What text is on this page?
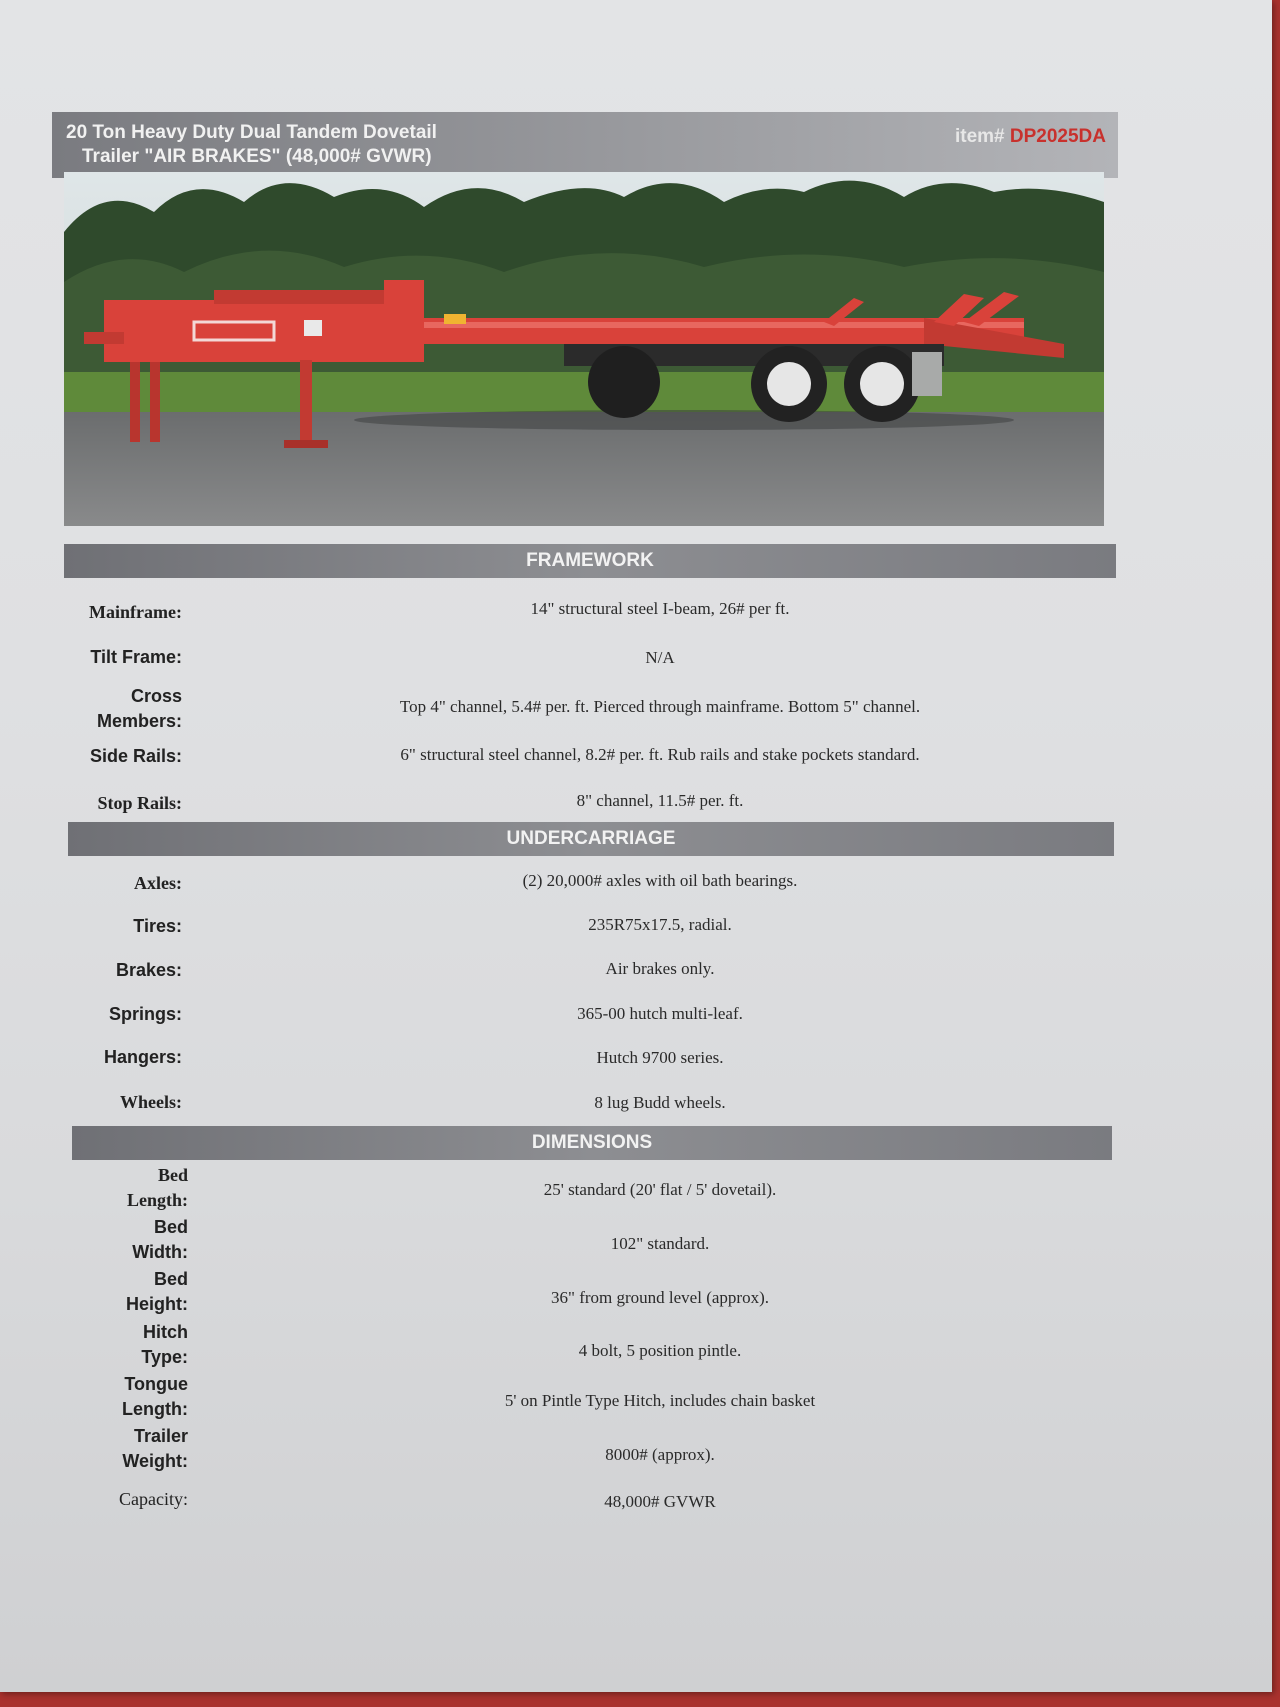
20 Ton Heavy Duty Dual Tandem Dovetail
Trailer "AIR BRAKES" (48,000# GVWR)
item# DP2025DA
FRAMEWORK
Mainframe:	14" structural steel I-beam, 26# per ft.
Tilt Frame:	N/A
Cross
Members:
Top 4" channel, 5.4# per. ft. Pierced through mainframe. Bottom 5" channel.
Side Rails:	6" structural steel channel, 8.2# per. ft. Rub rails and stake pockets standard.
Stop Rails:	8" channel, 11.5# per. ft.
UNDERCARRIAGE
Axles:	(2) 20,000# axles with oil bath bearings.
Tires:	235R75x17.5, radial.
Brakes:	Air brakes only.
Springs:	365-00 hutch multi-leaf.
Hangers:	Hutch 9700 series.
Wheels:	8 lug Budd wheels.
DIMENSIONS
Bed
Length:
25' standard (20' flat / 5' dovetail).
Bed
Width:	102" standard.
Bed
Height:	36" from ground level (approx).
Hitch
Type:	4 bolt, 5 position pintle.
Tongue
Length:	5' on Pintle Type Hitch, includes chain basket
Trailer
Weight:	8000# (approx).
Capacity:	48,000# GVWR
